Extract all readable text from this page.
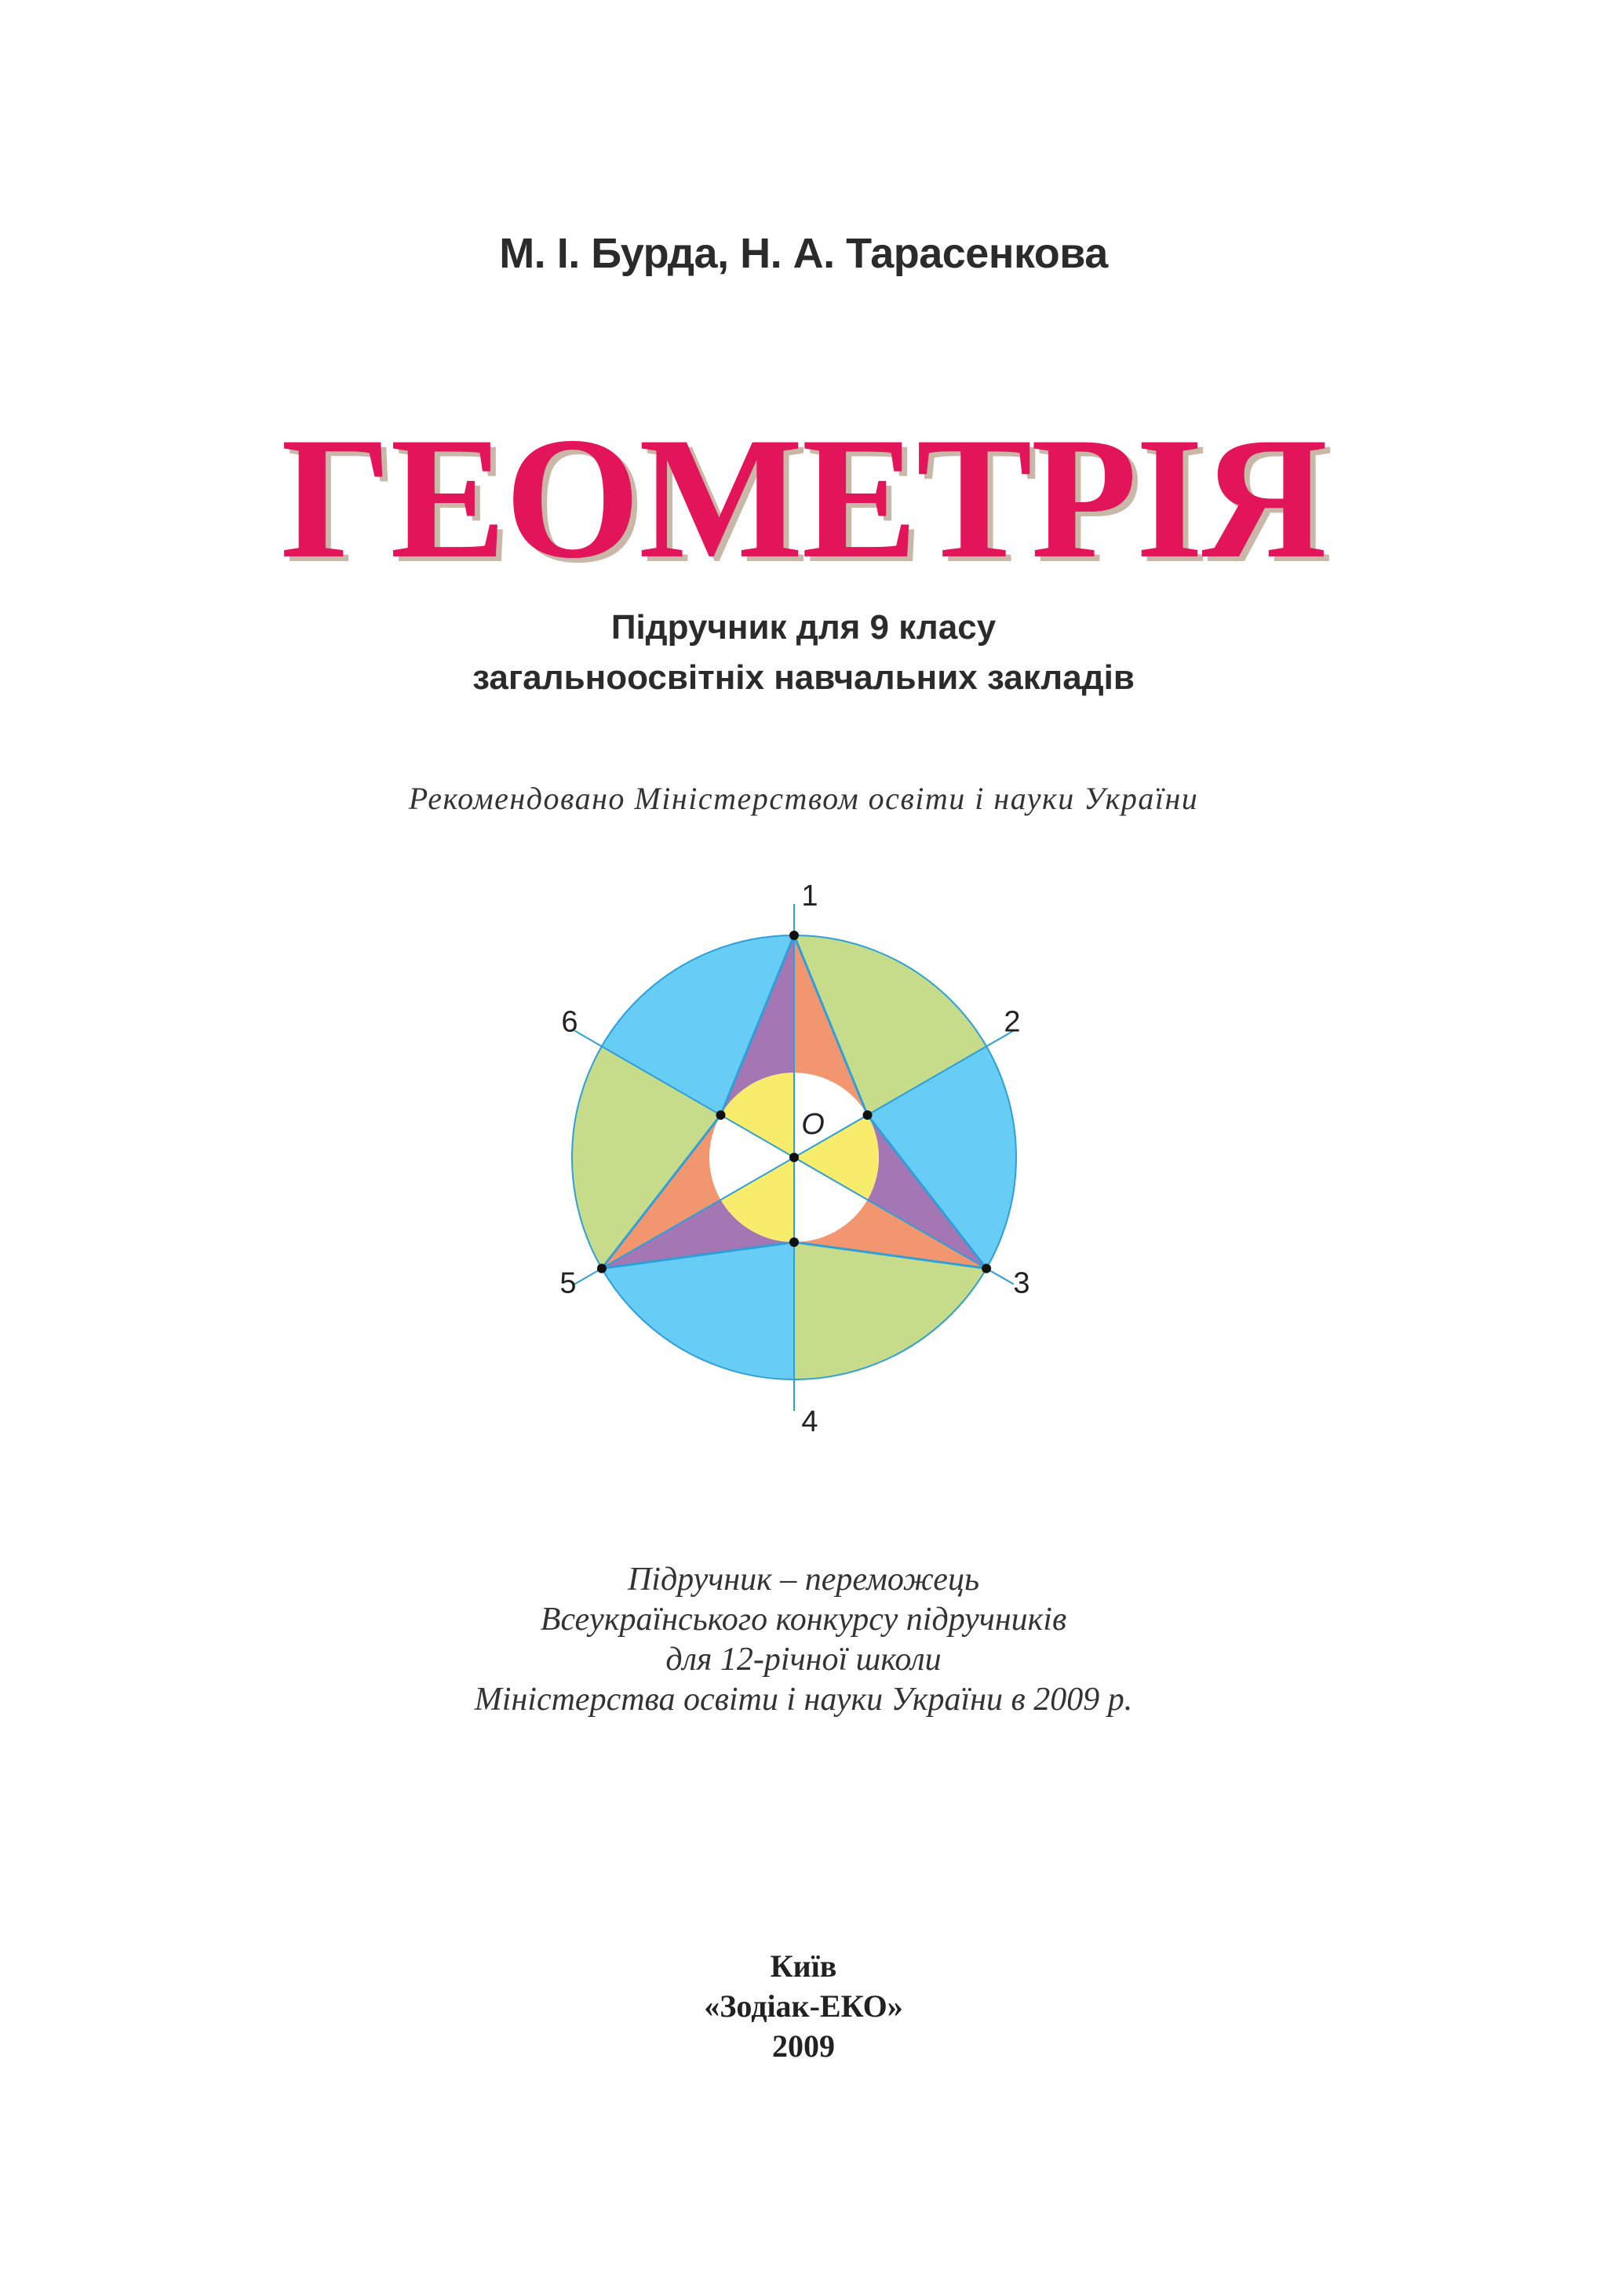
М. І. Бурда, Н. А. Тарасенкова
ГЕОМЕТРІЯ
Підручник для 9 класу
загальноосвітніх навчальних закладів
Рекомендовано Міністерством освіти і науки України
1
2
3
4
5
6
O
Підручник – переможець
Всеукраїнського конкурсу підручників
для 12-річної школи
Міністерства освіти і науки України в 2009 р.
Київ
«Зодіак-ЕКО»
2009
